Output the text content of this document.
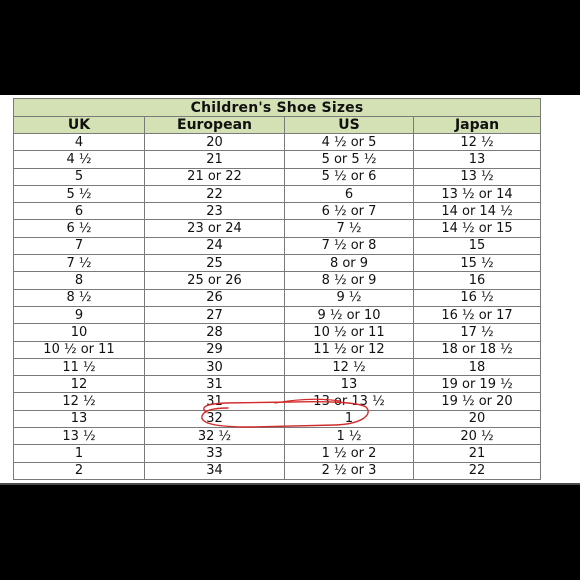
Children's Shoe Sizes			
UK	European	US	Japan
4	20	4 ½ or 5	12 ½
4 ½	21	5 or 5 ½	13
5	21 or 22	5 ½ or 6	13 ½
5 ½	22	6	13 ½ or 14
6	23	6 ½ or 7	14 or 14 ½
6 ½	23 or 24	7 ½	14 ½ or 15
7	24	7 ½ or 8	15
7 ½	25	8 or 9	15 ½
8	25 or 26	8 ½ or 9	16
8 ½	26	9 ½	16 ½
9	27	9 ½ or 10	16 ½ or 17
10	28	10 ½ or 11	17 ½
10 ½ or 11	29	11 ½ or 12	18 or 18 ½
11 ½	30	12 ½	18
12	31	13	19 or 19 ½
12 ½	31	13 or 13 ½	19 ½ or 20
13	32	1	20
13 ½	32 ½	1 ½	20 ½
1	33	1 ½ or 2	21
2	34	2 ½ or 3	22
